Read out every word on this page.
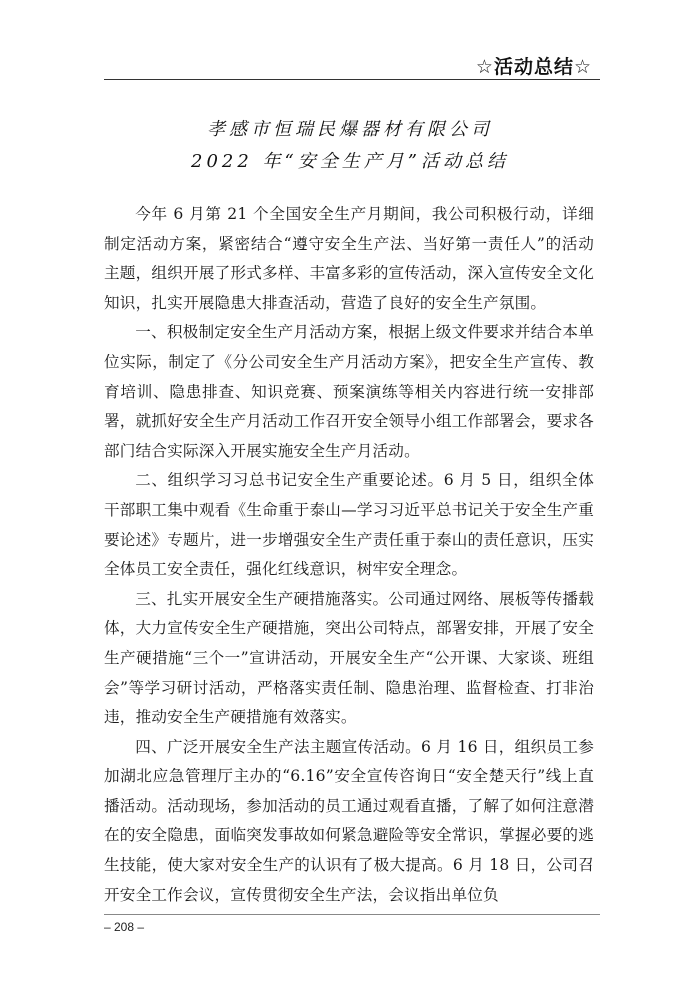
☆活动总结☆
孝感市恒瑞民爆器材有限公司
2022 年“安全生产月”活动总结

今年 6 月第 21 个全国安全生产月期间，我公司积极行动，详细制定活动方案，紧密结合“遵守安全生产法、当好第一责任人”的活动主题，组织开展了形式多样、丰富多彩的宣传活动，深入宣传安全文化知识，扎实开展隐患大排查活动，营造了良好的安全生产氛围。

一、积极制定安全生产月活动方案，根据上级文件要求并结合本单位实际，制定了《分公司安全生产月活动方案》，把安全生产宣传、教育培训、隐患排查、知识竞赛、预案演练等相关内容进行统一安排部署，就抓好安全生产月活动工作召开安全领导小组工作部署会，要求各部门结合实际深入开展实施安全生产月活动。

二、组织学习习总书记安全生产重要论述。6 月 5 日，组织全体干部职工集中观看《生命重于泰山—学习习近平总书记关于安全生产重要论述》专题片，进一步增强安全生产责任重于泰山的责任意识，压实全体员工安全责任，强化红线意识，树牢安全理念。

三、扎实开展安全生产硬措施落实。公司通过网络、展板等传播载体，大力宣传安全生产硬措施，突出公司特点，部署安排，开展了安全生产硬措施“三个一”宣讲活动，开展安全生产“公开课、大家谈、班组会”等学习研讨活动，严格落实责任制、隐患治理、监督检查、打非治违，推动安全生产硬措施有效落实。

四、广泛开展安全生产法主题宣传活动。6 月 16 日，组织员工参加湖北应急管理厅主办的“6.16”安全宣传咨询日“安全楚天行”线上直播活动。活动现场，参加活动的员工通过观看直播，了解了如何注意潜在的安全隐患，面临突发事故如何紧急避险等安全常识，掌握必要的逃生技能，使大家对安全生产的认识有了极大提高。6 月 18 日，公司召开安全工作会议，宣传贯彻安全生产法，会议指出单位负

– 208 –
